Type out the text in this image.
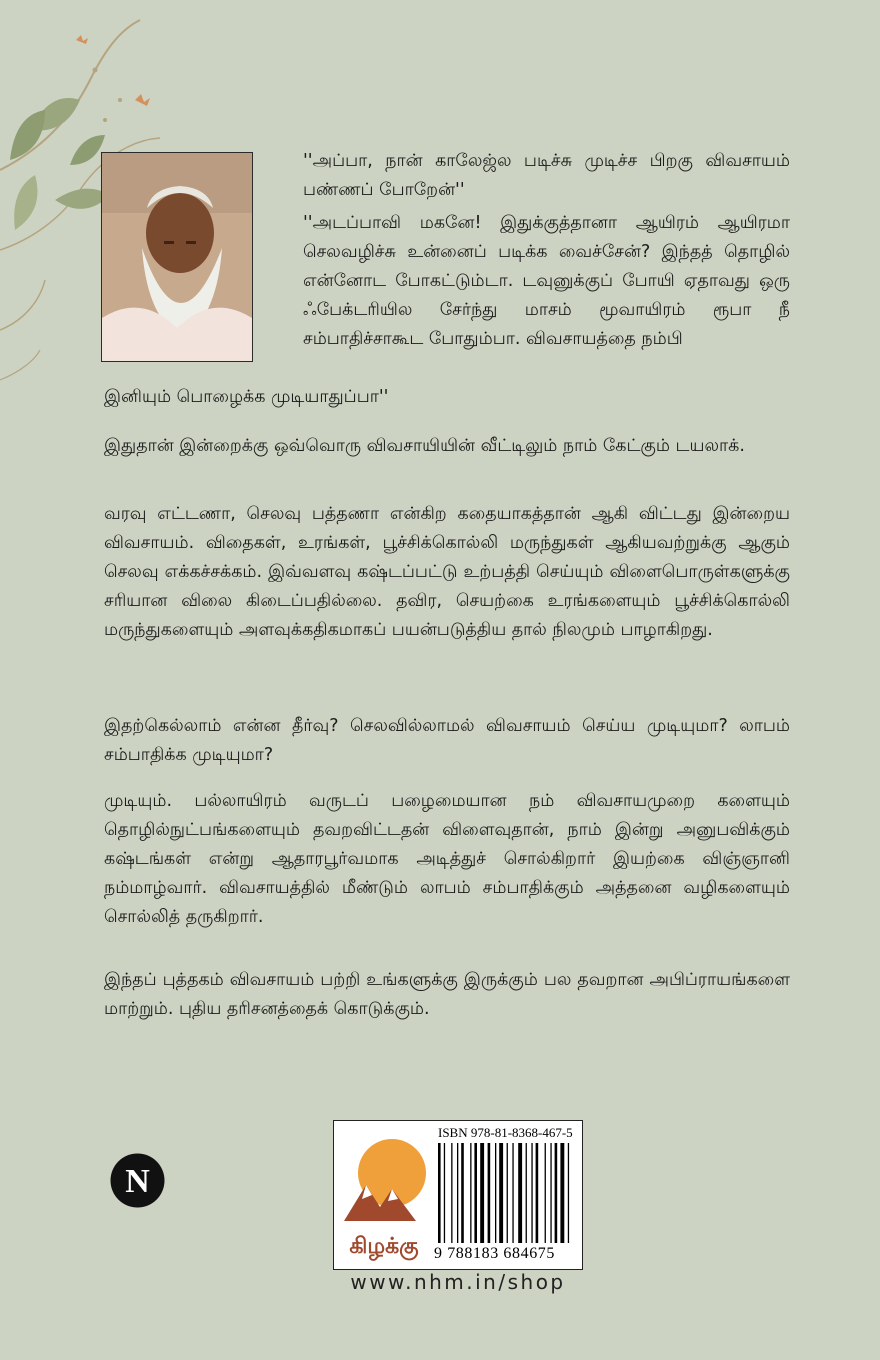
''அப்பா, நான் காலேஜ்ல படிச்சு முடிச்ச பிறகு விவசாயம் பண்ணப் போறேன்''

''அடப்பாவி மகனே! இதுக்குத்தானா ஆயிரம் ஆயிரமா செலவழிச்சு உன்னைப் படிக்க வைச்சேன்? இந்தத் தொழில் என்னோட போகட்டும்டா. டவுனுக்குப் போயி ஏதாவது ஒரு ஃபேக்டரியில சேர்ந்து மாசம் மூவாயிரம் ரூபா நீ சம்பாதிச்சாகூட போதும்பா. விவசாயத்தை நம்பி

இனியும் பொழைக்க முடியாதுப்பா''

இதுதான் இன்றைக்கு ஒவ்வொரு விவசாயியின் வீட்டிலும் நாம் கேட்கும் டயலாக்.

வரவு எட்டணா, செலவு பத்தணா என்கிற கதையாகத்தான் ஆகி விட்டது இன்றைய விவசாயம். விதைகள், உரங்கள், பூச்சிக்கொல்லி மருந்துகள் ஆகியவற்றுக்கு ஆகும் செலவு எக்கச்சக்கம். இவ்வளவு கஷ்டப்பட்டு உற்பத்தி செய்யும் விளைபொருள்களுக்கு சரியான விலை கிடைப்பதில்லை. தவிர, செயற்கை உரங்களையும் பூச்சிக்கொல்லி மருந்துகளையும் அளவுக்கதிகமாகப் பயன்படுத்திய தால் நிலமும் பாழாகிறது.

இதற்கெல்லாம் என்ன தீர்வு? செலவில்லாமல் விவசாயம் செய்ய முடியுமா? லாபம் சம்பாதிக்க முடியுமா?

முடியும். பல்லாயிரம் வருடப் பழைமையான நம் விவசாயமுறை களையும் தொழில்நுட்பங்களையும் தவறவிட்டதன் விளைவுதான், நாம் இன்று அனுபவிக்கும் கஷ்டங்கள் என்று ஆதாரபூர்வமாக அடித்துச் சொல்கிறார் இயற்கை விஞ்ஞானி நம்மாழ்வார். விவசாயத்தில் மீண்டும் லாபம் சம்பாதிக்கும் அத்தனை வழிகளையும் சொல்லித் தருகிறார்.

இந்தப் புத்தகம் விவசாயம் பற்றி உங்களுக்கு இருக்கும் பல தவறான அபிப்ராயங்களை மாற்றும். புதிய தரிசனத்தைக் கொடுக்கும்.

N
கிழக்கு
ISBN 978-81-8368-467-5
9 788183 684675
www.nhm.in/shop
